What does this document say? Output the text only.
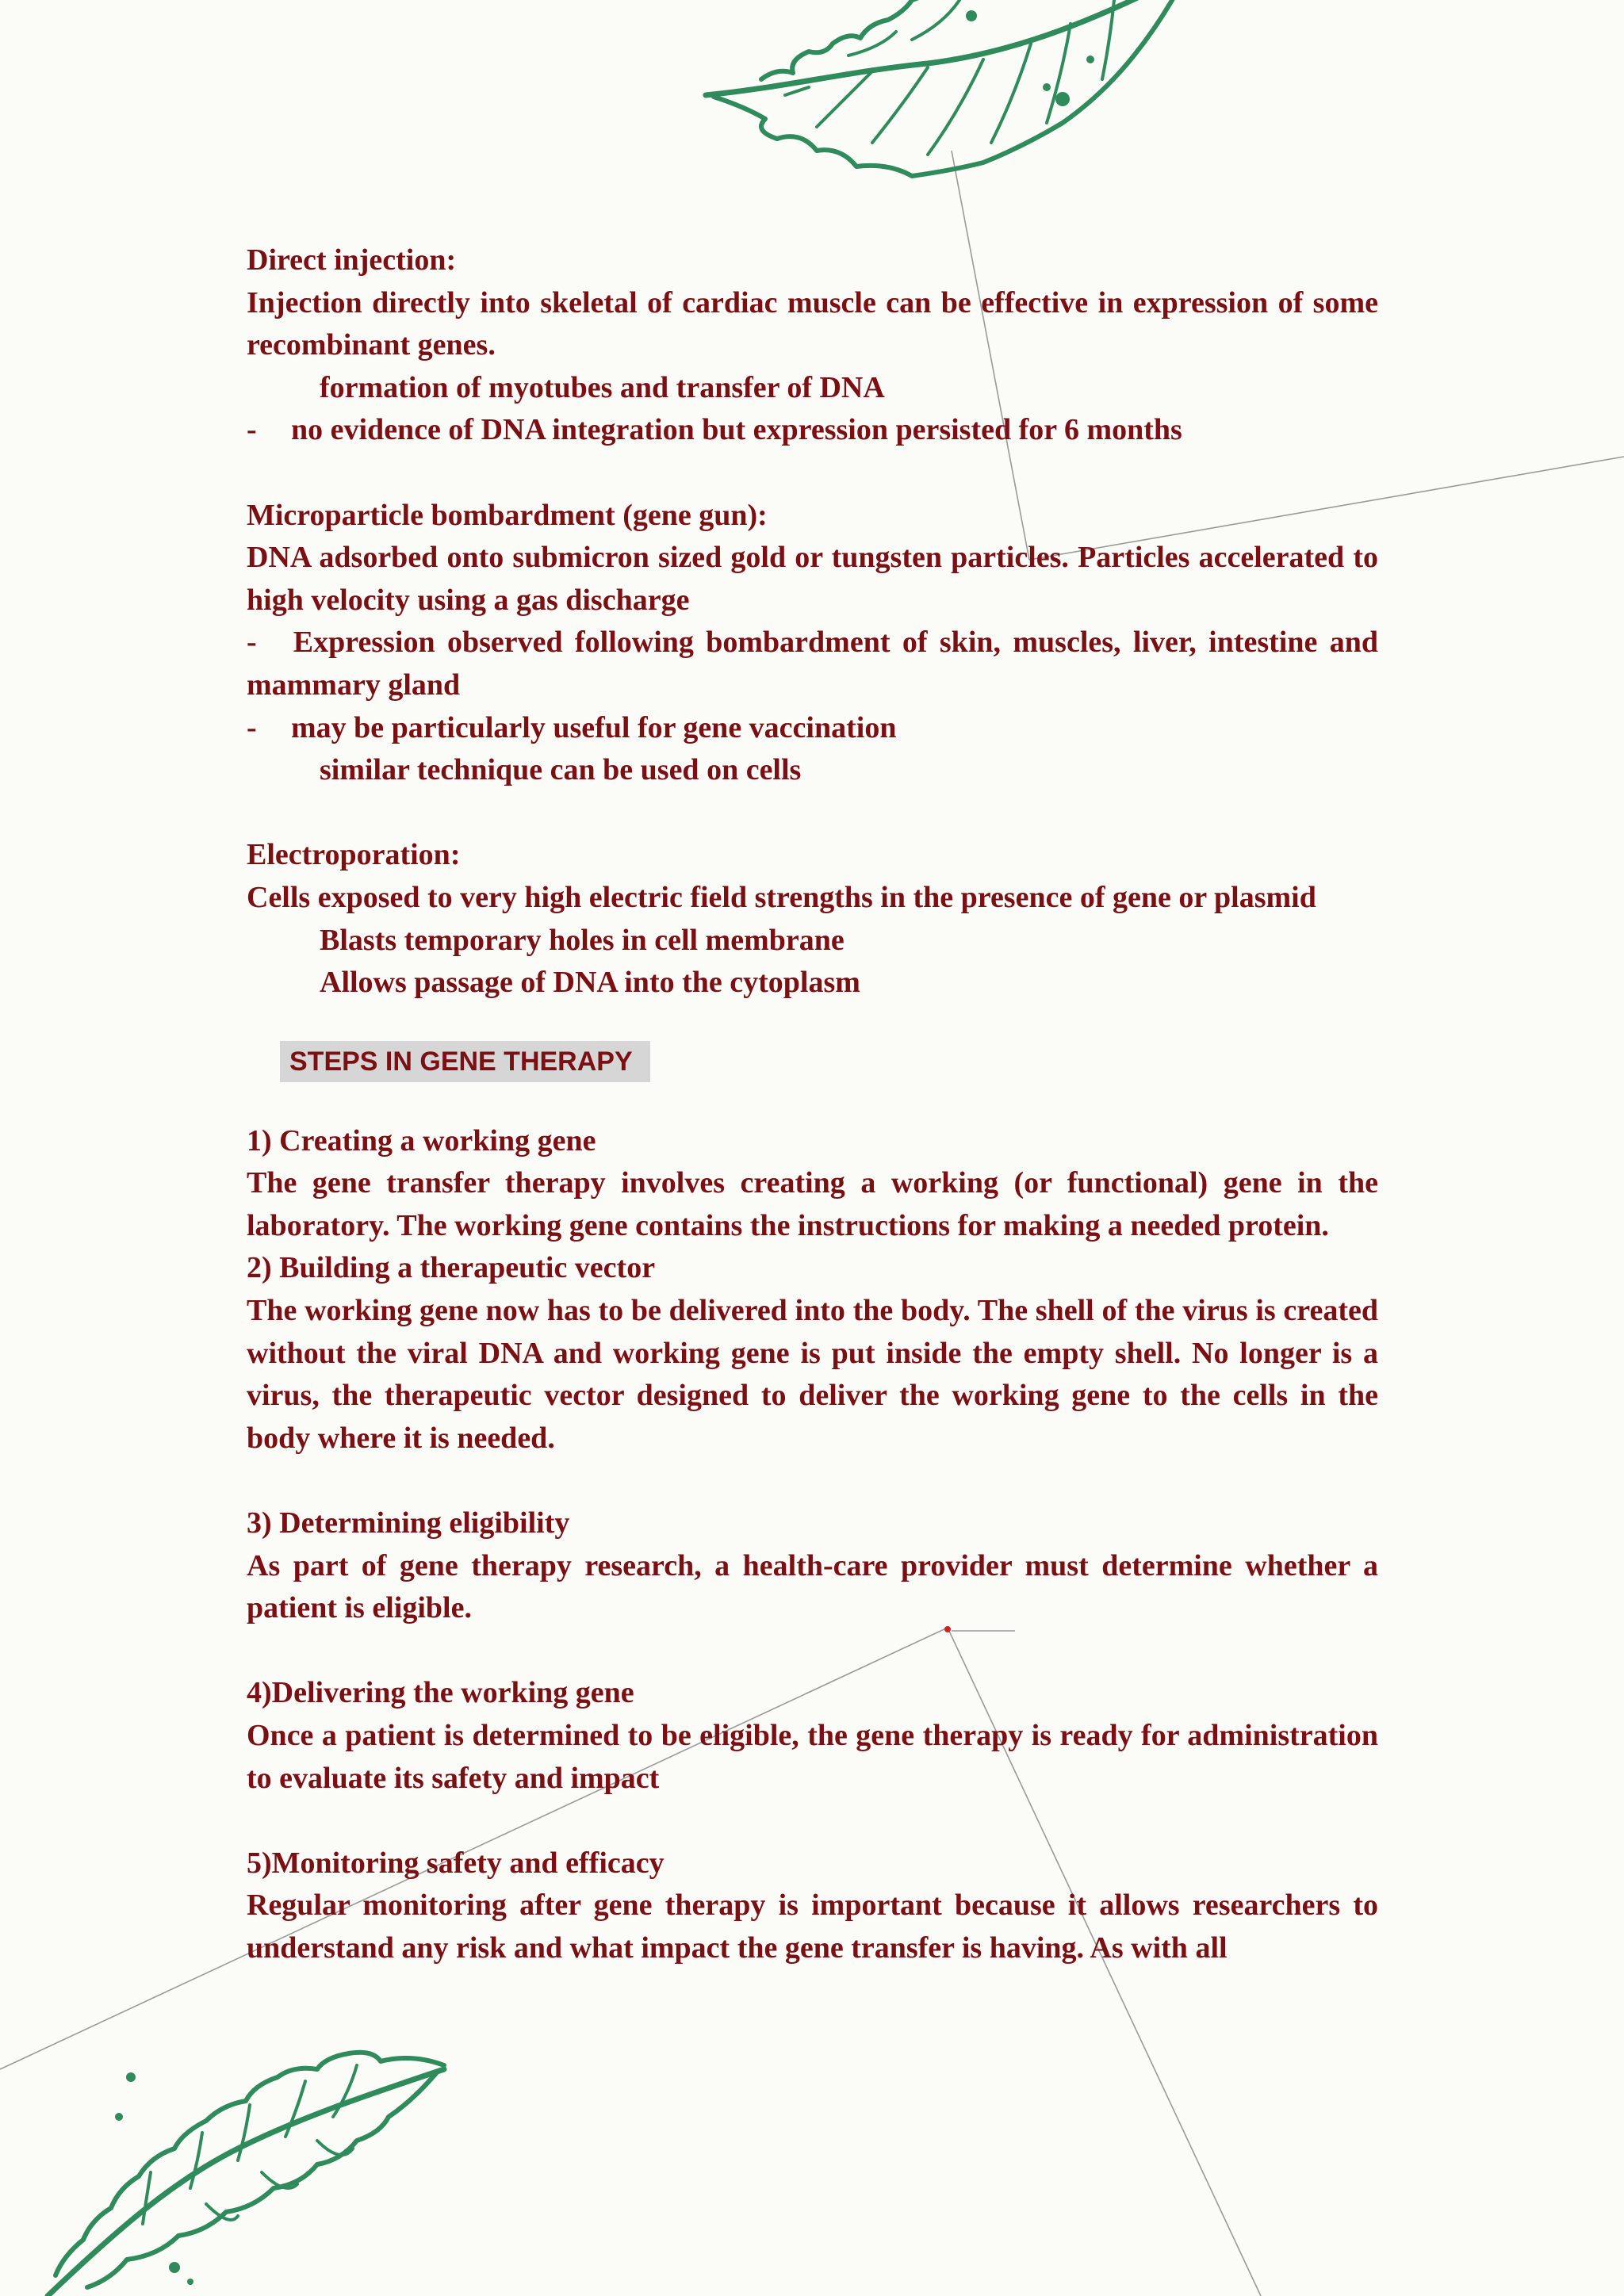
Direct injection:

Injection directly into skeletal of cardiac muscle can be effective in expression of some recombinant genes.

formation of myotubes and transfer of DNA

-	no evidence of DNA integration but expression persisted for 6 months

Microparticle bombardment (gene gun):

DNA adsorbed onto submicron sized gold or tungsten particles. Particles accelerated to high velocity using a gas discharge

- Expression observed following bombardment of skin, muscles, liver, intestine and mammary gland

-	may be particularly useful for gene vaccination

similar technique can be used on cells

Electroporation:

Cells exposed to very high electric field strengths in the presence of gene or plasmid

Blasts temporary holes in cell membrane

Allows passage of DNA into the cytoplasm

STEPS IN GENE THERAPY

1) Creating a working gene

The gene transfer therapy involves creating a working (or functional) gene in the laboratory. The working gene contains the instructions for making a needed protein.

2) Building a therapeutic vector

The working gene now has to be delivered into the body. The shell of the virus is created without the viral DNA and working gene is put inside the empty shell. No longer is a virus, the therapeutic vector designed to deliver the working gene to the cells in the body where it is needed.

3) Determining eligibility

As part of gene therapy research, a health-care provider must determine whether a patient is eligible.

4)Delivering the working gene

Once a patient is determined to be eligible, the gene therapy is ready for administration to evaluate its safety and impact

5)Monitoring safety and efficacy

Regular monitoring after gene therapy is important because it allows researchers to understand any risk and what impact the gene transfer is having. As with all
